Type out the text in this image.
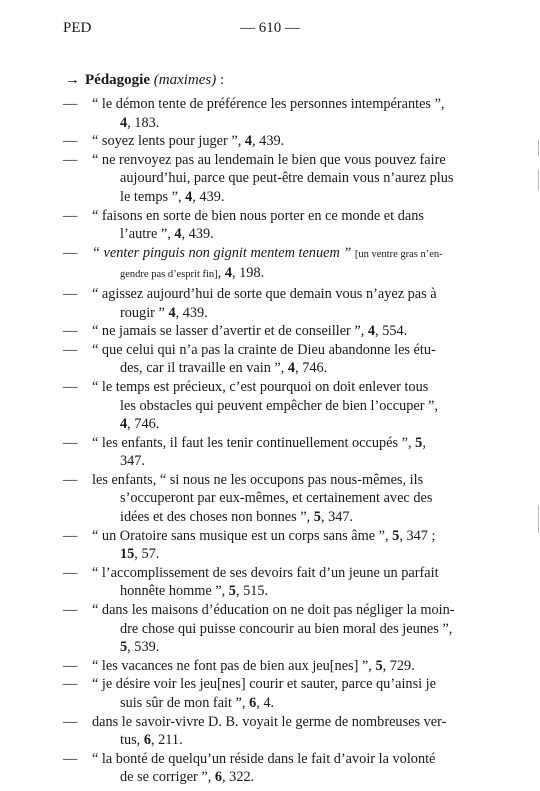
PED	— 610 —
→ Pédagogie (maximes) :
— “ le démon tente de préférence les personnes intempérantes ”,
4, 183.
— “ soyez lents pour juger ”, 4, 439.
— “ ne renvoyez pas au lendemain le bien que vous pouvez faire
aujourd’hui, parce que peut-être demain vous n’aurez plus
le temps ”, 4, 439.
— “ faisons en sorte de bien nous porter en ce monde et dans
l’autre ”, 4, 439.
— “ venter pinguis non gignit mentem tenuem ” [un ventre gras n’en-
gendre pas d’esprit fin], 4, 198.
— “ agissez aujourd’hui de sorte que demain vous n’ayez pas à
rougir ” 4, 439.
— “ ne jamais se lasser d’avertir et de conseiller ”, 4, 554.
— “ que celui qui n’a pas la crainte de Dieu abandonne les étu-
des, car il travaille en vain ”, 4, 746.
— “ le temps est précieux, c’est pourquoi on doit enlever tous
les obstacles qui peuvent empêcher de bien l’occuper ”,
4, 746.
— “ les enfants, il faut les tenir continuellement occupés ”, 5,
347.
— les enfants, “ si nous ne les occupons pas nous-mêmes, ils
s’occuperont par eux-mêmes, et certainement avec des
idées et des choses non bonnes ”, 5, 347.
— “ un Oratoire sans musique est un corps sans âme ”, 5, 347 ;
15, 57.
— “ l’accomplissement de ses devoirs fait d’un jeune un parfait
honnête homme ”, 5, 515.
— “ dans les maisons d’éducation on ne doit pas négliger la moin-
dre chose qui puisse concourir au bien moral des jeunes ”,
5, 539.
— “ les vacances ne font pas de bien aux jeu[nes] ”, 5, 729.
— “ je désire voir les jeu[nes] courir et sauter, parce qu’ainsi je
suis sûr de mon fait ”, 6, 4.
— dans le savoir-vivre D. B. voyait le germe de nombreuses ver-
tus, 6, 211.
— “ la bonté de quelqu’un réside dans le fait d’avoir la volonté
de se corriger ”, 6, 322.
